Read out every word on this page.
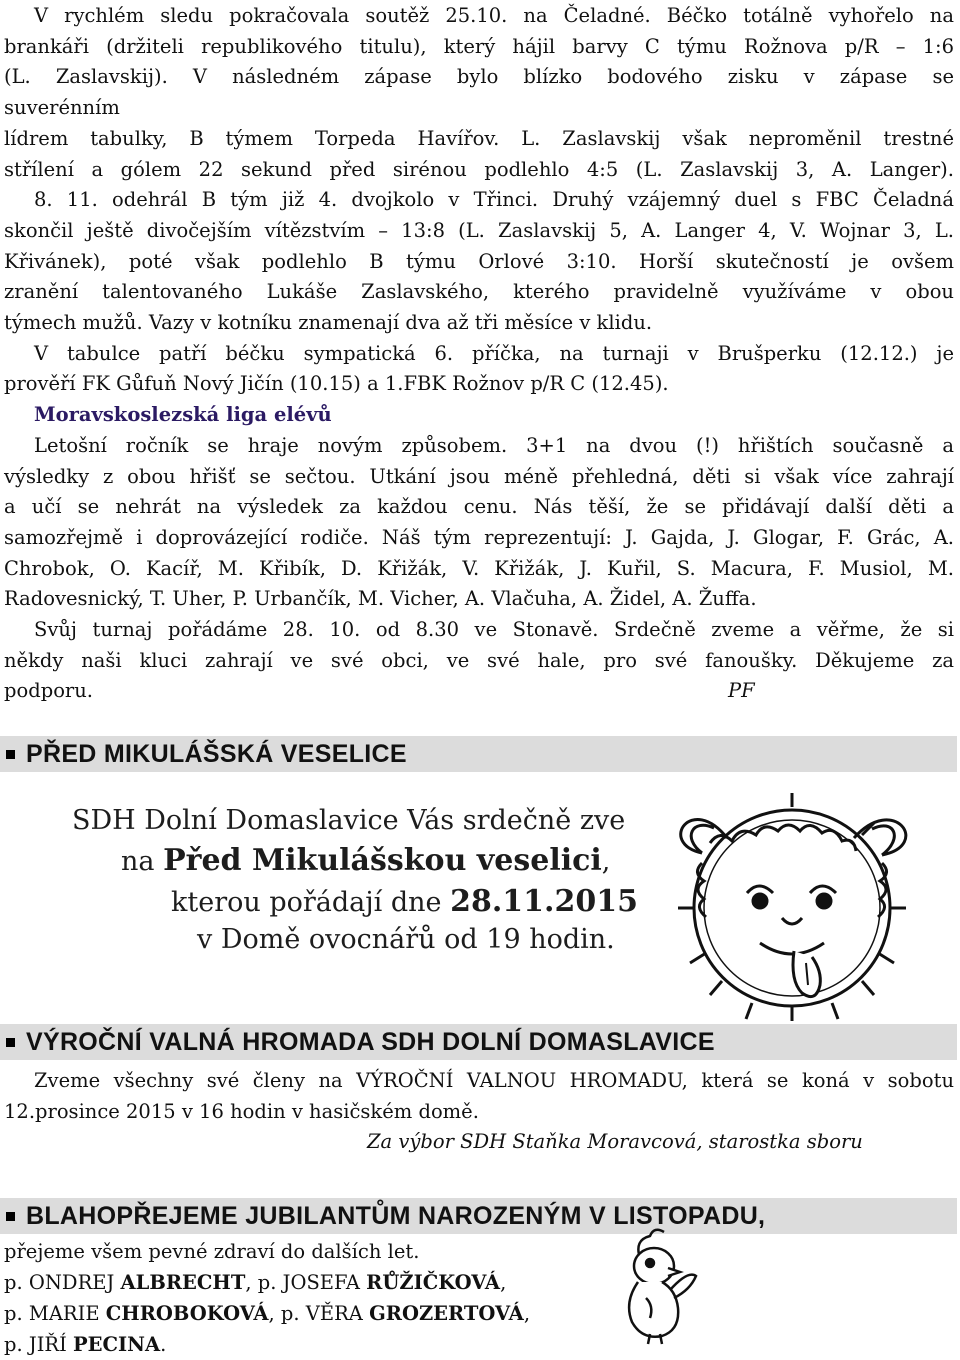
V rychlém sledu pokračovala soutěž 25.10. na Čeladné. Béčko totálně vyhořelo na
brankáři (držiteli republikového titulu), který hájil barvy C týmu Rožnova p/R – 1:6
(L. Zaslavskij). V následném zápase bylo blízko bodového zisku v zápase se
suverénním
lídrem tabulky, B týmem Torpeda Havířov. L. Zaslavskij však neproměnil trestné
střílení a gólem 22 sekund před sirénou podlehlo 4:5 (L. Zaslavskij 3, A. Langer).
8. 11. odehrál B tým již 4. dvojkolo v Třinci. Druhý vzájemný duel s FBC Čeladná
skončil ještě divočejším vítězstvím – 13:8 (L. Zaslavskij 5, A. Langer 4, V. Wojnar 3, L.
Křivánek), poté však podlehlo B týmu Orlové 3:10. Horší skutečností je ovšem
zranění talentovaného Lukáše Zaslavského, kterého pravidelně využíváme v obou
týmech mužů. Vazy v kotníku znamenají dva až tři měsíce v klidu.
V tabulce patří béčku sympatická 6. příčka, na turnaji v Brušperku (12.12.) je
prověří FK Gůfuň Nový Jičín (10.15) a 1.FBK Rožnov p/R C (12.45).
Moravskoslezská liga elévů
Letošní ročník se hraje novým způsobem. 3+1 na dvou (!) hřištích současně a
výsledky z obou hřišť se sečtou. Utkání jsou méně přehledná, děti si však více zahrají
a učí se nehrát na výsledek za každou cenu. Nás těší, že se přidávají další děti a
samozřejmě i doprovázející rodiče. Náš tým reprezentují: J. Gajda, J. Glogar, F. Grác, A.
Chrobok, O. Kacíř, M. Křibík, D. Křižák, V. Křižák, J. Kuřil, S. Macura, F. Musiol, M.
Radovesnický, T. Uher, P. Urbančík, M. Vicher, A. Vlačuha, A. Židel, A. Žuffa.
Svůj turnaj pořádáme 28. 10. od 8.30 ve Stonavě. Srdečně zveme a věřme, že si
někdy naši kluci zahrají ve své obci, ve své hale, pro své fanoušky. Děkujeme za
podporu.	PF
PŘED MIKULÁŠSKÁ VESELICE
SDH Dolní Domaslavice Vás srdečně zve
na Před Mikulášskou veselici,
kterou pořádají dne 28.11.2015
v Domě ovocnářů od 19 hodin.
VÝROČNÍ VALNÁ HROMADA SDH DOLNÍ DOMASLAVICE
Zveme všechny své členy na VÝROČNÍ VALNOU HROMADU, která se koná v sobotu
12.prosince 2015 v 16 hodin v hasičském domě.
Za výbor SDH Staňka Moravcová, starostka sboru
BLAHOPŘEJEME JUBILANTŮM NAROZENÝM V LISTOPADU,
přejeme všem pevné zdraví do dalších let.
p. ONDREJ ALBRECHT, p. JOSEFA RŮŽIČKOVÁ,
p. MARIE CHROBOKOVÁ, p. VĚRA GROZERTOVÁ,
p. JIŘÍ PECINA.
